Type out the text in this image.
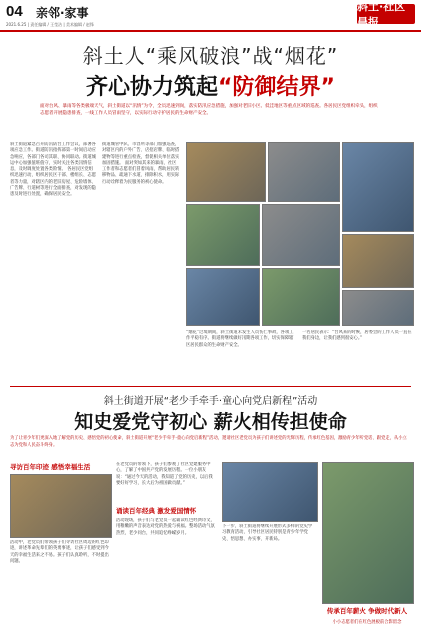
04 亲邻·家事
2021.6.25 | 责任编辑 / 王莹洁 | 美术编辑 / 赵锋
斜土·社区晨报
斜土人“乘风破浪”战“烟花”
齐心协力筑起“防御结界”
面对台风、暴雨等各类极端天气，斜土街道以“汛情”为令，全员迅速到岗，落实防汛应急措施，加强对老旧小区、低洼地区等重点区域的巡查。各居民区党组织牵头，组织志愿者开展隐患排查，一线工作人员冒雨坚守，以实际行动守护居民的生命财产安全。
斜土街道紧急召开防汛防台工作会议，部署各项应急工作。街道防汛指挥部第一时间启动应急响应，各部门各司其职、协同联动。街道城运中心加强值班值守，实时关注各类汛情信息，及时调度处置各类险情。 各居民区党组织迅速行动，组织居民区干部、楼组长、志愿者等力量，对辖区内的老旧房屋、危险墙体、广告牌、行道树等进行全面排查，对发现的隐患及时进行处置，确保居民安全。
街道城管中队、市容所等部门加强巡查，对辖区内的户外广告、店招店牌、临时搭建物等进行重点检查，督促相关单位落实加固措施。 面对突如其来的暴雨，社区工作者和志愿者们冒着风雨，帮助居民转移物品、疏通下水道、排除积水，用实际行动诠释着为民服务的初心使命。
“烟花”过境期间，斜土街道未发生人员伤亡事故，各项工作平稳有序。街道将继续做好汛期各项工作，切实保障辖区居民群众的生命财产安全。
一名居民表示：“台风来的时候，居委会的工作人员一直在我们身边，让我们感到很安心。”
斜土街道开展“老少手牵手·童心向党启新程”活动
知史爱党守初心 薪火相传担使命
为了让青少年们更深入地了解党的历史、感悟党的初心使命，斜土街道开展“老少手牵手·童心向党启新程”活动，邀请社区老党员为孩子们讲述党的光辉历程，传承红色基因，激励青少年听党话、跟党走，从小立志为党和人民奋斗终身。
寻访百年印迹 感悟幸福生活
活动中，老党员们带领孩子们寻访社区周边的红色印迹，讲述革命先辈们的英勇事迹，让孩子们感受到今天的幸福生活来之不易。孩子们认真聆听，不时提出问题。
在老党员的带领下，孩子们参观了社区党建服务中心，了解了中国共产党的发展历程。一位小朋友说：“通过今天的活动，我知道了党的历史，以后我要好好学习，长大后为祖国做贡献。”
诵读百年经典 激发爱国情怀
活动现场，孩子们与老党员一起诵读红色经典诗文，用稚嫩的声音表达对党的热爱与祝福。整场活动气氛热烈，老少同台，共同追忆峥嵘岁月。
下一步，斜土街道将继续开展形式多样的党史学习教育活动，引导社区居民特别是青少年学党史、悟思想、办实事、开新局。
传承百年薪火 争做时代新人
小小志愿者们在红色展板前合影留念
